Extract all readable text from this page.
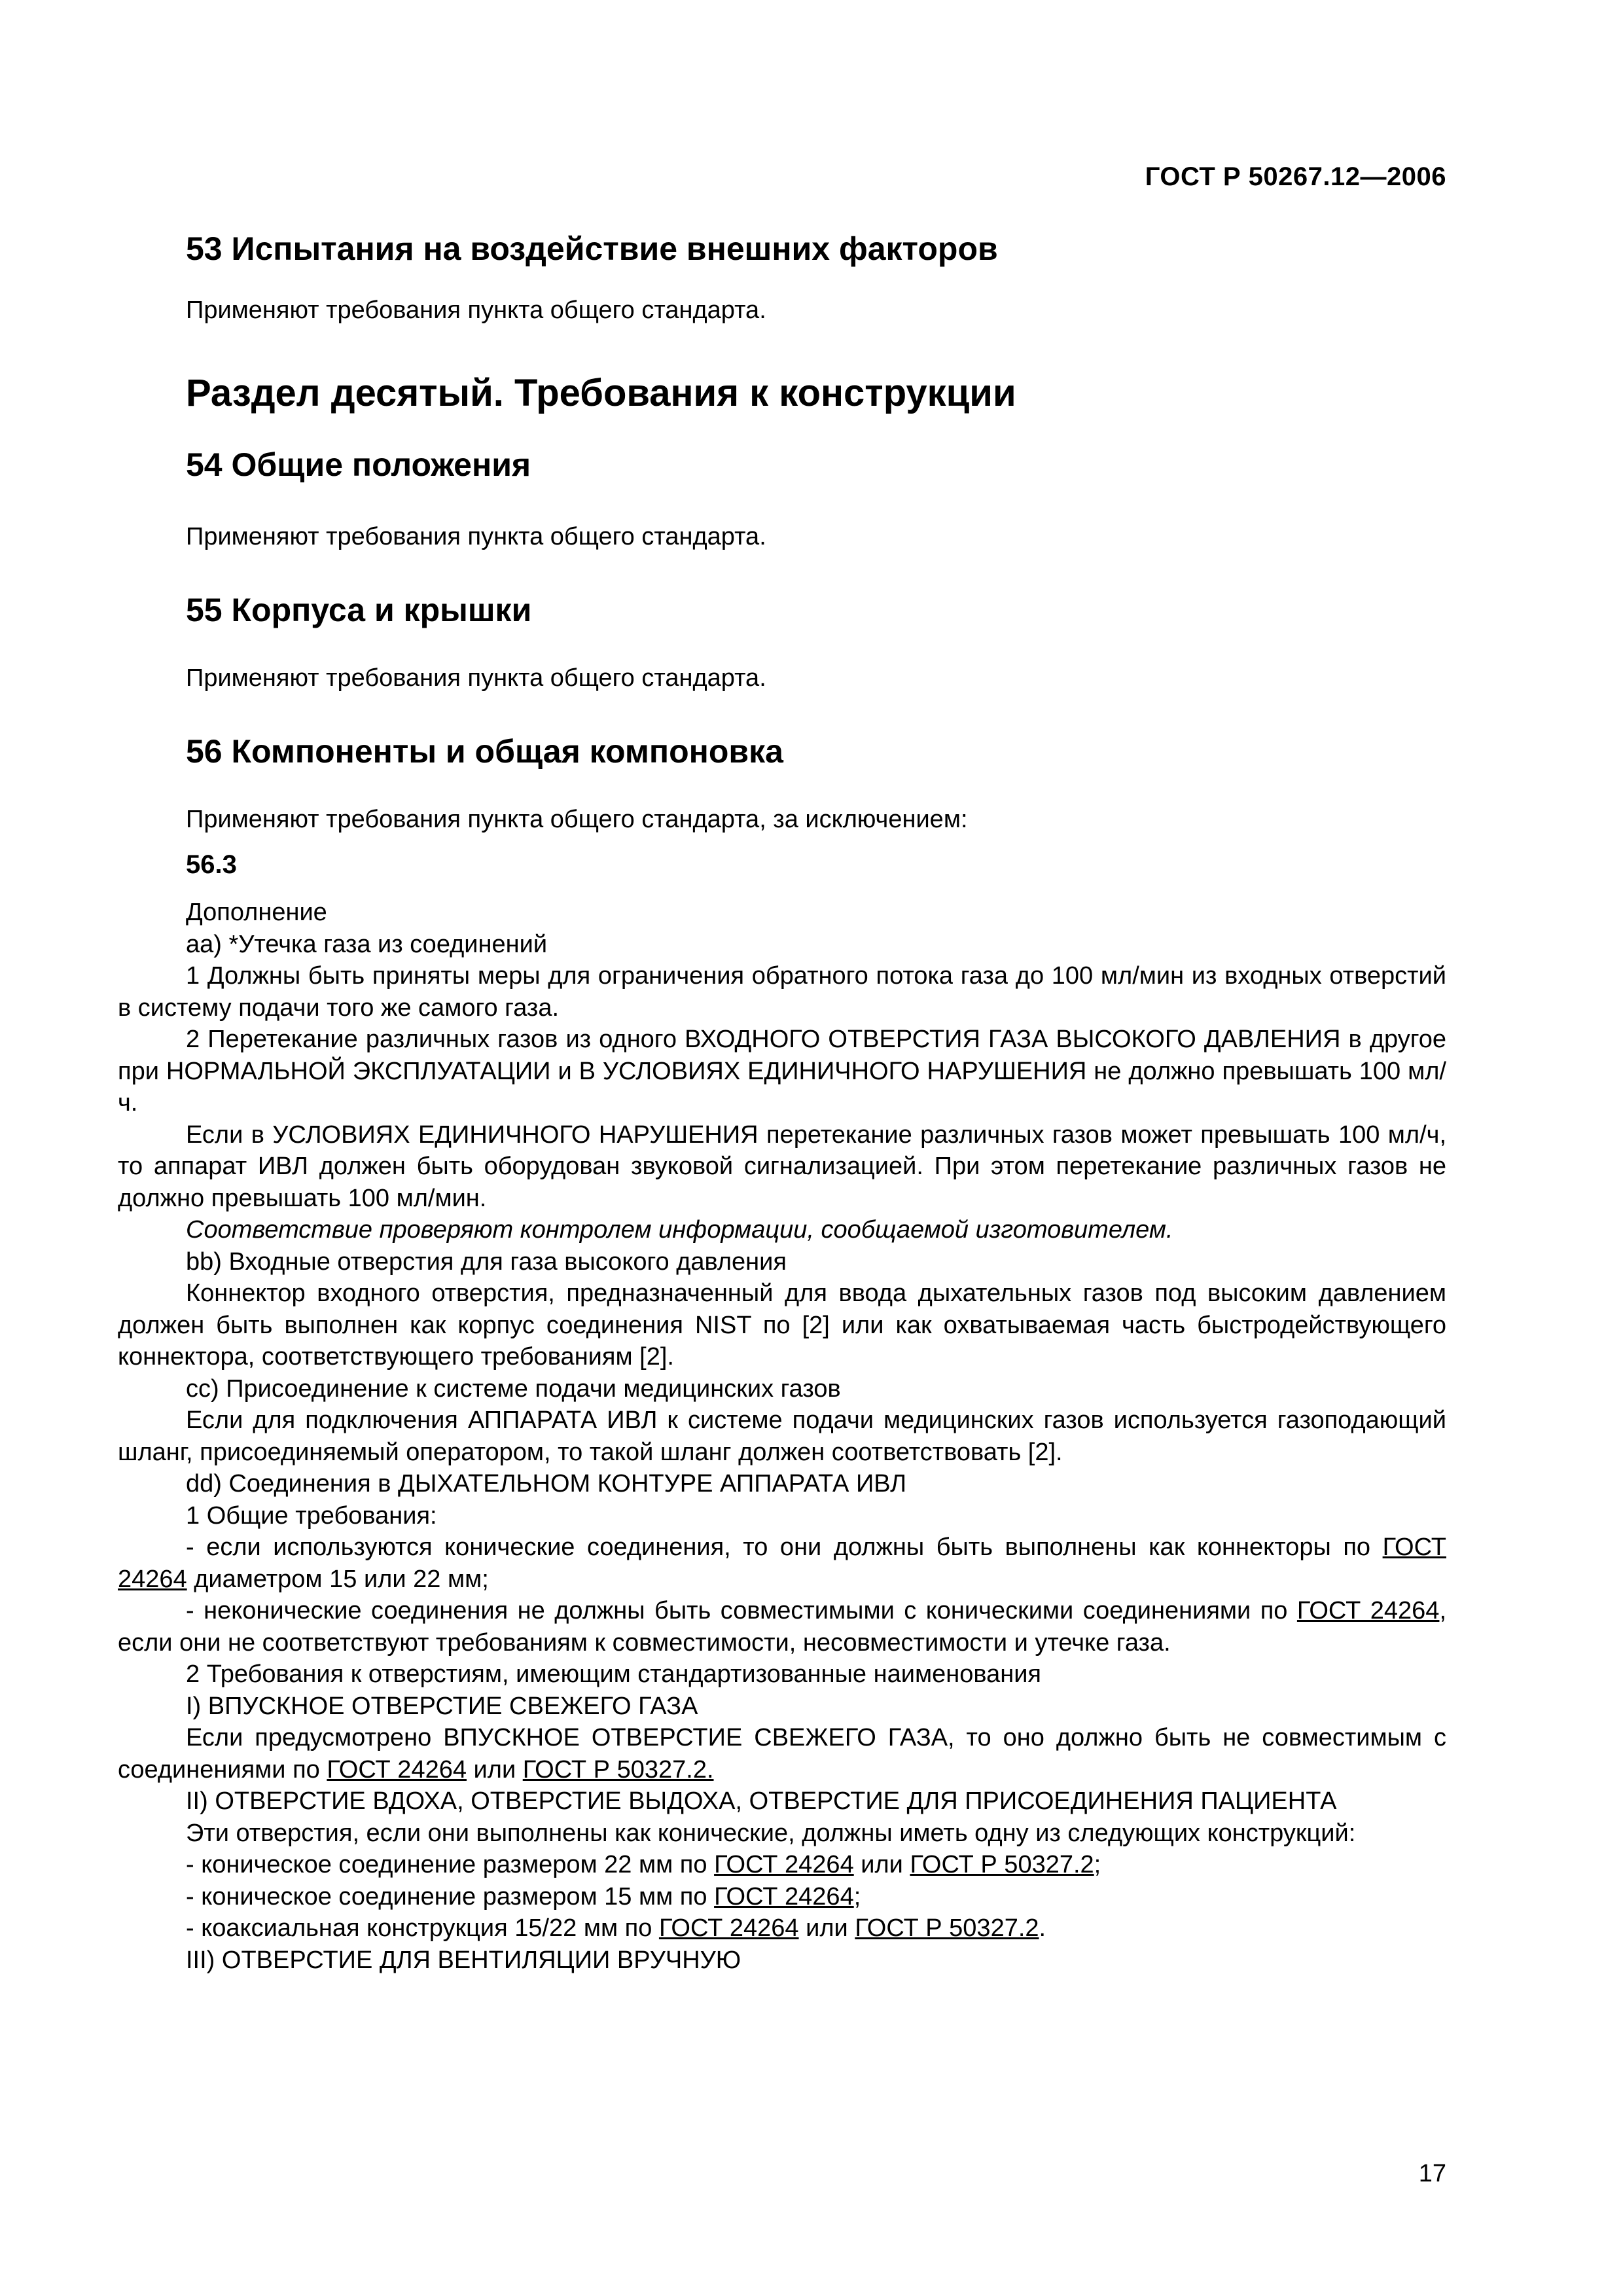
ГОСТ Р 50267.12—2006
53 Испытания на воздействие внешних факторов

Применяют требования пункта общего стандарта.

Раздел десятый. Требования к конструкции
54 Общие положения

Применяют требования пункта общего стандарта.

55 Корпуса и крышки

Применяют требования пункта общего стандарта.

56 Компоненты и общая компоновка

Применяют требования пункта общего стандарта, за исключением:

56.3

Дополнение

аа) *Утечка газа из соединений

1 Должны быть приняты меры для ограничения обратного потока газа до 100 мл/мин из входных отверстий в систему подачи того же самого газа.

2 Перетекание различных газов из одного ВХОДНОГО ОТВЕРСТИЯ ГАЗА ВЫСОКОГО ДАВЛЕНИЯ в другое при НОРМАЛЬНОЙ ЭКСПЛУАТАЦИИ и В УСЛОВИЯХ ЕДИНИЧНОГО НАРУШЕНИЯ не должно превышать 100 мл/ч.

Если в УСЛОВИЯХ ЕДИНИЧНОГО НАРУШЕНИЯ перетекание различных газов может превышать 100 мл/ч, то аппарат ИВЛ должен быть оборудован звуковой сигнализацией. При этом перетекание различных газов не должно превышать 100 мл/мин.

Соответствие проверяют контролем информации, сообщаемой изготовителем.

bb) Входные отверстия для газа высокого давления

Коннектор входного отверстия, предназначенный для ввода дыхательных газов под высоким давлением должен быть выполнен как корпус соединения NIST по [2] или как охватываемая часть быстродействующего коннектора, соответствующего требованиям [2].

сс) Присоединение к системе подачи медицинских газов

Если для подключения АППАРАТА ИВЛ к системе подачи медицинских газов используется газоподающий шланг, присоединяемый оператором, то такой шланг должен соответствовать [2].

dd) Соединения в ДЫХАТЕЛЬНОМ КОНТУРЕ АППАРАТА ИВЛ

1 Общие требования:

- если используются конические соединения, то они должны быть выполнены как коннекторы по ГОСТ 24264 диаметром 15 или 22 мм;

- неконические соединения не должны быть совместимыми с коническими соединениями по ГОСТ 24264, если они не соответствуют требованиям к совместимости, несовместимости и утечке газа.

2 Требования к отверстиям, имеющим стандартизованные наименования

I) ВПУСКНОЕ ОТВЕРСТИЕ СВЕЖЕГО ГАЗА

Если предусмотрено ВПУСКНОЕ ОТВЕРСТИЕ СВЕЖЕГО ГАЗА, то оно должно быть не совместимым с соединениями по ГОСТ 24264 или ГОСТ Р 50327.2.

II) ОТВЕРСТИЕ ВДОХА, ОТВЕРСТИЕ ВЫДОХА, ОТВЕРСТИЕ ДЛЯ ПРИСОЕДИНЕНИЯ ПАЦИЕНТА

Эти отверстия, если они выполнены как конические, должны иметь одну из следующих конструкций:

- коническое соединение размером 22 мм по ГОСТ 24264 или ГОСТ Р 50327.2;

- коническое соединение размером 15 мм по ГОСТ 24264;

- коаксиальная конструкция 15/22 мм по ГОСТ 24264 или ГОСТ Р 50327.2.

III) ОТВЕРСТИЕ ДЛЯ ВЕНТИЛЯЦИИ ВРУЧНУЮ

17
